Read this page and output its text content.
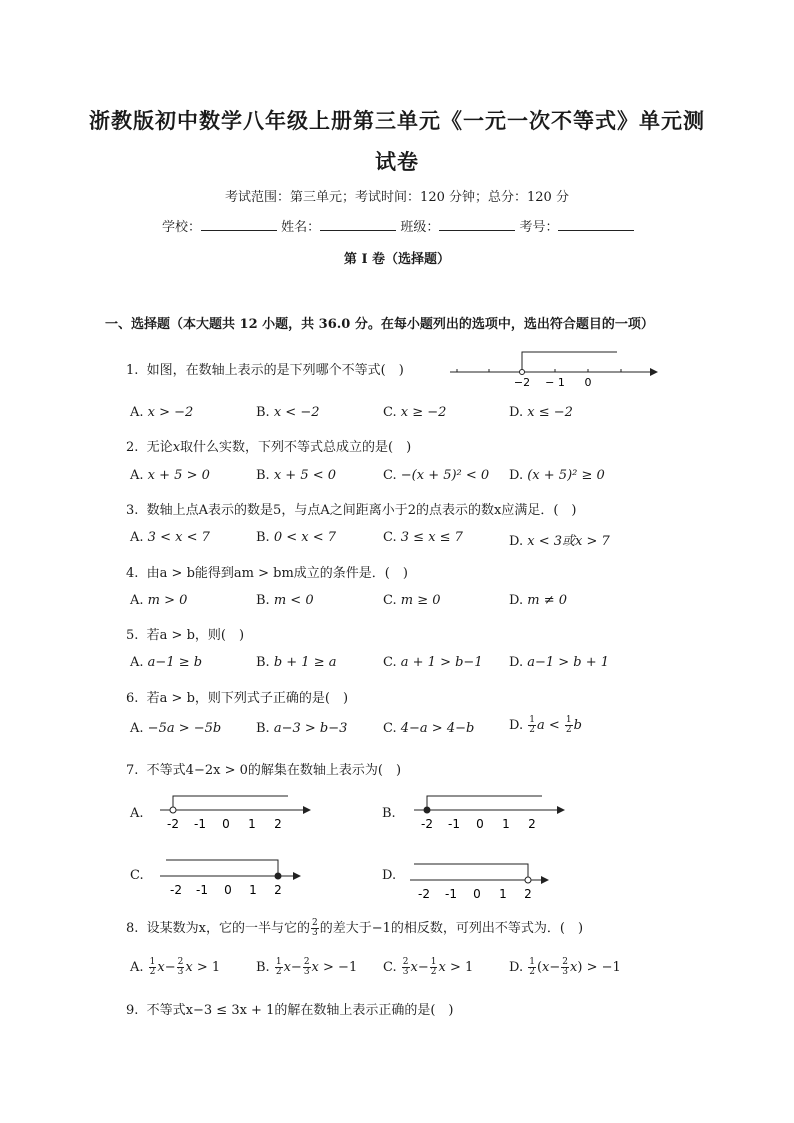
浙教版初中数学八年级上册第三单元《一元一次不等式》单元测
试卷
考试范围：第三单元；考试时间：120 分钟；总分：120 分
学校：	姓名：	班级：	考号：
第 I 卷（选择题）
一、选择题（本大题共 12 小题，共 36.0 分。在每小题列出的选项中，选出符合题目的一项）
1. 如图，在数轴上表示的是下列哪个不等式(　)
−2 − 1 0
A. x > −2	B. x < −2	C. x ≥ −2	D. x ≤ −2
2. 无论x取什么实数，下列不等式总成立的是(　)
A. x + 5 > 0	B. x + 5 < 0	C. −(x + 5)² < 0 D. (x + 5)² ≥ 0
3. 数轴上点A表示的数是5，与点A之间距离小于2的点表示的数x应满足．(　)
A. 3 < x < 7	B. 0 < x < 7	C. 3 ≤ x ≤ 7	D. x < 3或x > 7
4. 由a > b能得到am > bm成立的条件是．(　)
A. m > 0	B. m < 0	C. m ≥ 0	D. m ≠ 0
5. 若a > b，则(　)
A. a−1 ≥ b	B. b + 1 ≥ a	C. a + 1 > b−1 D. a−1 > b + 1
6. 若a > b，则下列式子正确的是(　)
A. −5a > −5b	B. a−3 > b−3	C. 4−a > 4−b	D. $\frac{1}{2}$ $a < \frac{1}{2}$ b
7. 不等式4−2x > 0的解集在数轴上表示为(　)
A.
-2 -1 0 1 2
B.
-2 -1 0 1 2
C.
-2 -1 0 1 2
D.
-2 -1 0 1 2
8. 设某数为x，它的一半与它的 $\frac{2}{3}$ 的差大于−1的相反数，可列出不等式为．(　)
A. $\frac{1}{2} x- \frac{2}{3}$ x > 1	B. $\frac{1}{2} x- \frac{2}{3}$ x > −1 C. $\frac{2}{3} x- \frac{1}{2}$ x > 1	D. $\frac{1}{2} (x- \frac{2}{3} x) > -1$
9. 不等式x−3 ≤ 3x + 1的解在数轴上表示正确的是(　)
